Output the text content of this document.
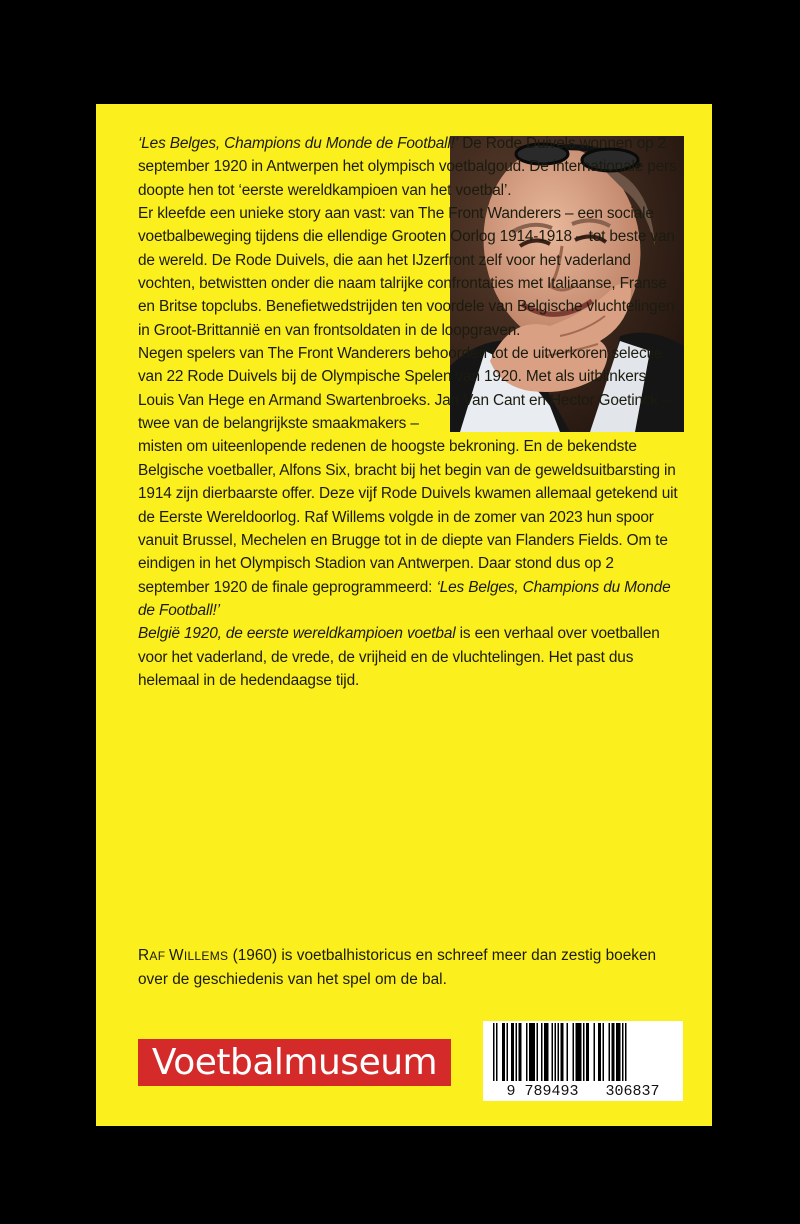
‘Les Belges, Champions du Monde de Football!’ De Rode Duivels wonnen op 2 september 1920 in Antwerpen het olympisch voetbalgoud. De internationale pers doopte hen tot ‘eerste wereldkampioen van het voetbal’.

Er kleefde een unieke story aan vast: van The Front Wanderers – een sociale voetbalbeweging tijdens die ellendige Grooten Oorlog 1914-1918 – tot beste van de wereld. De Rode Duivels, die aan het IJzerfront zelf voor het vaderland vochten, betwistten onder die naam talrijke confrontaties met Italiaanse, Franse en Britse topclubs. Benefietwedstrijden ten voordele van Belgische vluchtelingen in Groot-Brittannië en van frontsoldaten in de loopgraven.

Negen spelers van The Front Wanderers behoorden tot de uitverkoren selectie van 22 Rode Duivels bij de Olympische Spelen van 1920. Met als uitblinkers Louis Van Hege en Armand Swartenbroeks. Jan Van Cant en Hector Goetinck – twee van de belangrijkste smaakmakers –

misten om uiteenlopende redenen de hoogste bekroning. En de bekendste Belgische voetballer, Alfons Six, bracht bij het begin van de geweldsuitbarsting in 1914 zijn dierbaarste offer. Deze vijf Rode Duivels kwamen allemaal getekend uit de Eerste Wereldoorlog. Raf Willems volgde in de zomer van 2023 hun spoor vanuit Brussel, Mechelen en Brugge tot in de diepte van Flanders Fields. Om te eindigen in het Olympisch Stadion van Antwerpen. Daar stond dus op 2 september 1920 de finale geprogrammeerd: ‘Les Belges, Champions du Monde de Football!’

België 1920, de eerste wereldkampioen voetbal is een verhaal over voetballen voor het vaderland, de vrede, de vrijheid en de vluchtelingen. Het past dus helemaal in de hedendaagse tijd.

RAF WILLEMS (1960) is voetbalhistoricus en schreef meer dan zestig boeken over de geschiedenis van het spel om de bal.
Voetbalmuseum
9 789493   306837
